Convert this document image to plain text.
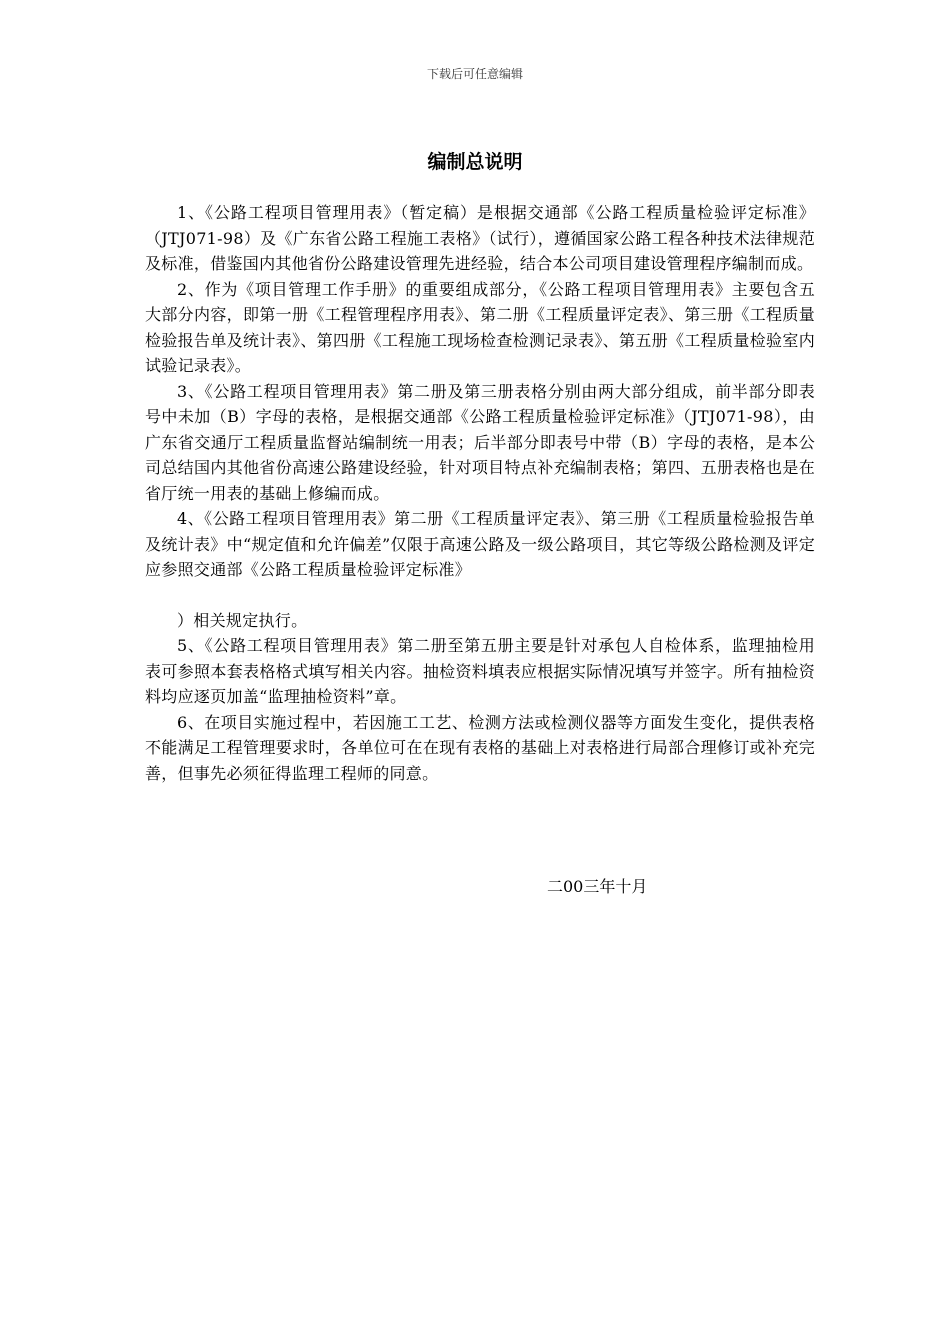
下载后可任意编辑
编制总说明

1、《公路工程项目管理用表》（暂定稿）是根据交通部《公路工程质量检验评定标准》（JTJ071-98）及《广东省公路工程施工表格》（试行），遵循国家公路工程各种技术法律规范及标准，借鉴国内其他省份公路建设管理先进经验，结合本公司项目建设管理程序编制而成。

2、作为《项目管理工作手册》的重要组成部分，《公路工程项目管理用表》主要包含五大部分内容，即第一册《工程管理程序用表》、第二册《工程质量评定表》、第三册《工程质量检验报告单及统计表》、第四册《工程施工现场检查检测记录表》、第五册《工程质量检验室内试验记录表》。

3、《公路工程项目管理用表》第二册及第三册表格分别由两大部分组成，前半部分即表号中未加（B）字母的表格，是根据交通部《公路工程质量检验评定标准》（JTJ071-98），由广东省交通厅工程质量监督站编制统一用表；后半部分即表号中带（B）字母的表格，是本公司总结国内其他省份高速公路建设经验，针对项目特点补充编制表格；第四、五册表格也是在省厅统一用表的基础上修编而成。

4、《公路工程项目管理用表》第二册《工程质量评定表》、第三册《工程质量检验报告单及统计表》中“规定值和允许偏差”仅限于高速公路及一级公路项目，其它等级公路检测及评定应参照交通部《公路工程质量检验评定标准》

）相关规定执行。

5、《公路工程项目管理用表》第二册至第五册主要是针对承包人自检体系，监理抽检用表可参照本套表格格式填写相关内容。抽检资料填表应根据实际情况填写并签字。所有抽检资料均应逐页加盖“监理抽检资料”章。

6、在项目实施过程中，若因施工工艺、检测方法或检测仪器等方面发生变化，提供表格不能满足工程管理要求时，各单位可在在现有表格的基础上对表格进行局部合理修订或补充完善，但事先必须征得监理工程师的同意。

二00三年十月
